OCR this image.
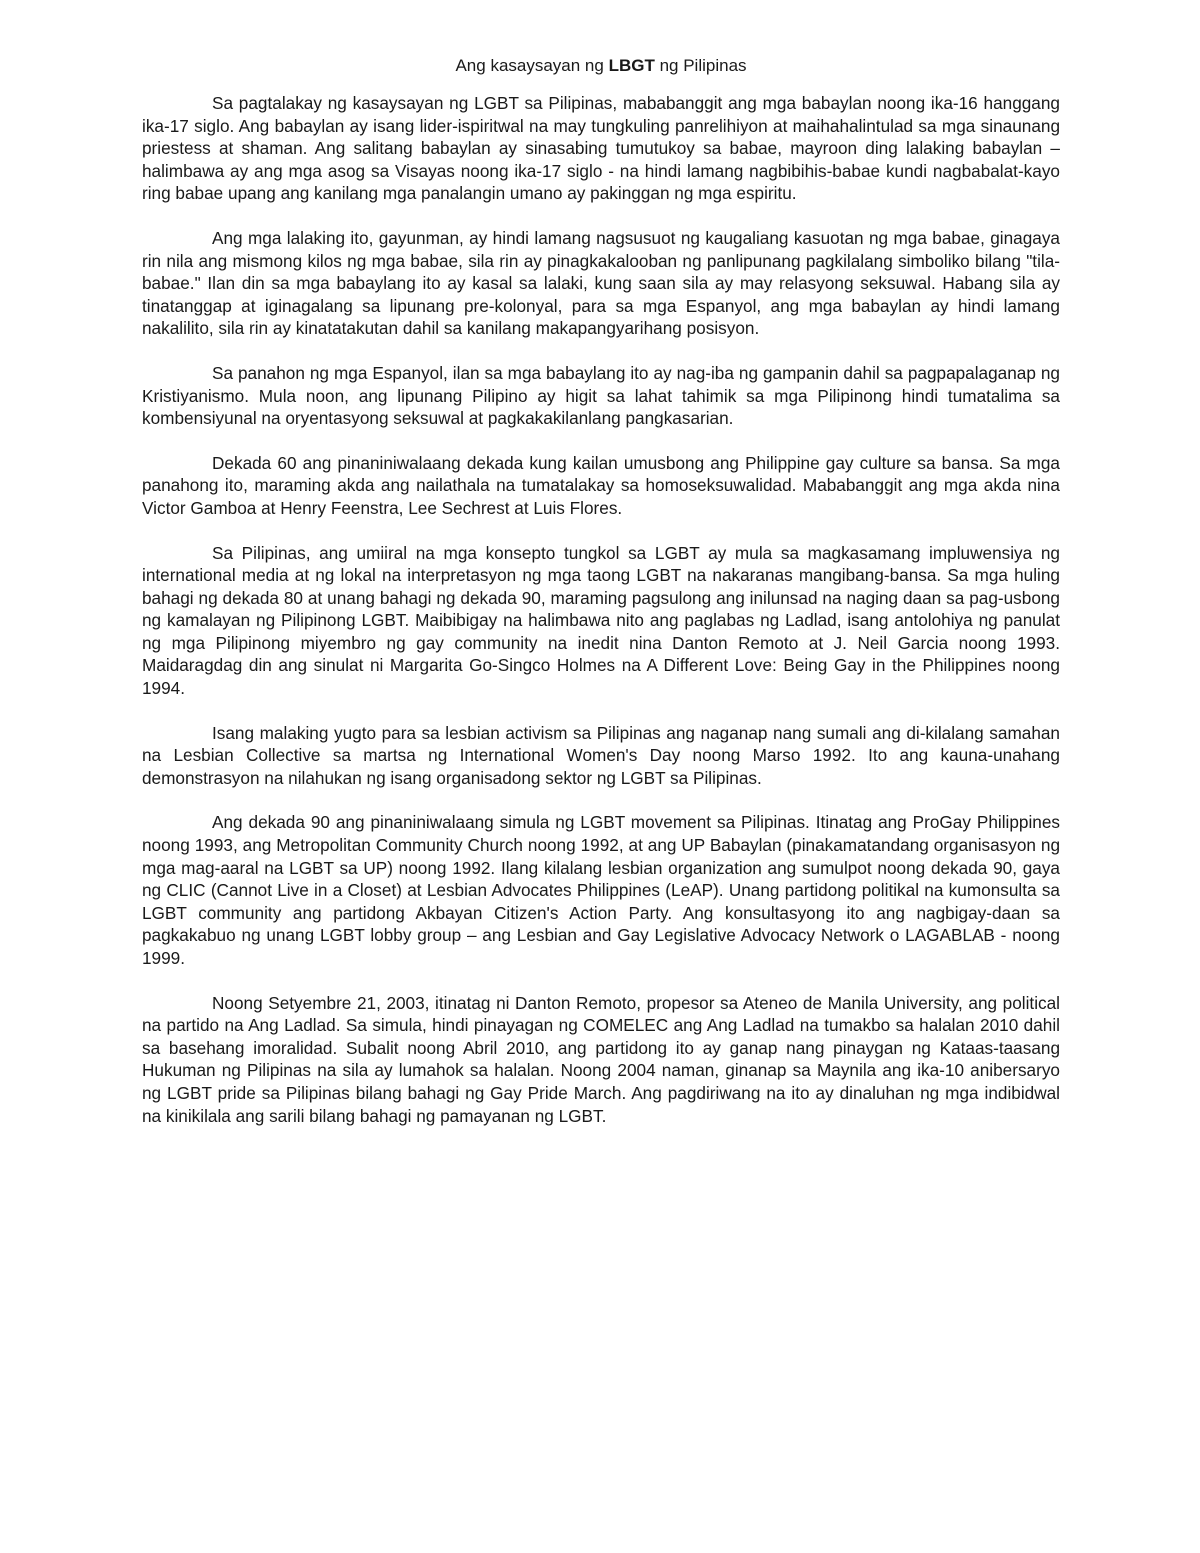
Ang kasaysayan ng LBGT ng Pilipinas

Sa pagtalakay ng kasaysayan ng LGBT sa Pilipinas, mababanggit ang mga babaylan noong ika-16 hanggang ika-17 siglo. Ang babaylan ay isang lider-ispiritwal na may tungkuling panrelihiyon at maihahalintulad sa mga sinaunang priestess at shaman. Ang salitang babaylan ay sinasabing tumutukoy sa babae, mayroon ding lalaking babaylan – halimbawa ay ang mga asog sa Visayas noong ika-17 siglo - na hindi lamang nagbibihis-babae kundi nagbabalat-kayo ring babae upang ang kanilang mga panalangin umano ay pakinggan ng mga espiritu.

Ang mga lalaking ito, gayunman, ay hindi lamang nagsusuot ng kaugaliang kasuotan ng mga babae, ginagaya rin nila ang mismong kilos ng mga babae, sila rin ay pinagkakalooban ng panlipunang pagkilalang simboliko bilang "tila-babae." Ilan din sa mga babaylang ito ay kasal sa lalaki, kung saan sila ay may relasyong seksuwal. Habang sila ay tinatanggap at iginagalang sa lipunang pre-kolonyal, para sa mga Espanyol, ang mga babaylan ay hindi lamang nakalilito, sila rin ay kinatatakutan dahil sa kanilang makapangyarihang posisyon.

Sa panahon ng mga Espanyol, ilan sa mga babaylang ito ay nag-iba ng gampanin dahil sa pagpapalaganap ng Kristiyanismo. Mula noon, ang lipunang Pilipino ay higit sa lahat tahimik sa mga Pilipinong hindi tumatalima sa kombensiyunal na oryentasyong seksuwal at pagkakakilanlang pangkasarian.

Dekada 60 ang pinaniniwalaang dekada kung kailan umusbong ang Philippine gay culture sa bansa. Sa mga panahong ito, maraming akda ang nailathala na tumatalakay sa homoseksuwalidad. Mababanggit ang mga akda nina Victor Gamboa at Henry Feenstra, Lee Sechrest at Luis Flores.

Sa Pilipinas, ang umiiral na mga konsepto tungkol sa LGBT ay mula sa magkasamang impluwensiya ng international media at ng lokal na interpretasyon ng mga taong LGBT na nakaranas mangibang-bansa. Sa mga huling bahagi ng dekada 80 at unang bahagi ng dekada 90, maraming pagsulong ang inilunsad na naging daan sa pag-usbong ng kamalayan ng Pilipinong LGBT. Maibibigay na halimbawa nito ang paglabas ng Ladlad, isang antolohiya ng panulat ng mga Pilipinong miyembro ng gay community na inedit nina Danton Remoto at J. Neil Garcia noong 1993. Maidaragdag din ang sinulat ni Margarita Go-Singco Holmes na A Different Love: Being Gay in the Philippines noong 1994.

Isang malaking yugto para sa lesbian activism sa Pilipinas ang naganap nang sumali ang di-kilalang samahan na Lesbian Collective sa martsa ng International Women's Day noong Marso 1992. Ito ang kauna-unahang demonstrasyon na nilahukan ng isang organisadong sektor ng LGBT sa Pilipinas.

Ang dekada 90 ang pinaniniwalaang simula ng LGBT movement sa Pilipinas. Itinatag ang ProGay Philippines noong 1993, ang Metropolitan Community Church noong 1992, at ang UP Babaylan (pinakamatandang organisasyon ng mga mag-aaral na LGBT sa UP) noong 1992. Ilang kilalang lesbian organization ang sumulpot noong dekada 90, gaya ng CLIC (Cannot Live in a Closet) at Lesbian Advocates Philippines (LeAP). Unang partidong politikal na kumonsulta sa LGBT community ang partidong Akbayan Citizen's Action Party. Ang konsultasyong ito ang nagbigay-daan sa pagkakabuo ng unang LGBT lobby group – ang Lesbian and Gay Legislative Advocacy Network o LAGABLAB - noong 1999.

Noong Setyembre 21, 2003, itinatag ni Danton Remoto, propesor sa Ateneo de Manila University, ang political na partido na Ang Ladlad. Sa simula, hindi pinayagan ng COMELEC ang Ang Ladlad na tumakbo sa halalan 2010 dahil sa basehang imoralidad. Subalit noong Abril 2010, ang partidong ito ay ganap nang pinaygan ng Kataas-taasang Hukuman ng Pilipinas na sila ay lumahok sa halalan. Noong 2004 naman, ginanap sa Maynila ang ika-10 anibersaryo ng LGBT pride sa Pilipinas bilang bahagi ng Gay Pride March. Ang pagdiriwang na ito ay dinaluhan ng mga indibidwal na kinikilala ang sarili bilang bahagi ng pamayanan ng LGBT.
